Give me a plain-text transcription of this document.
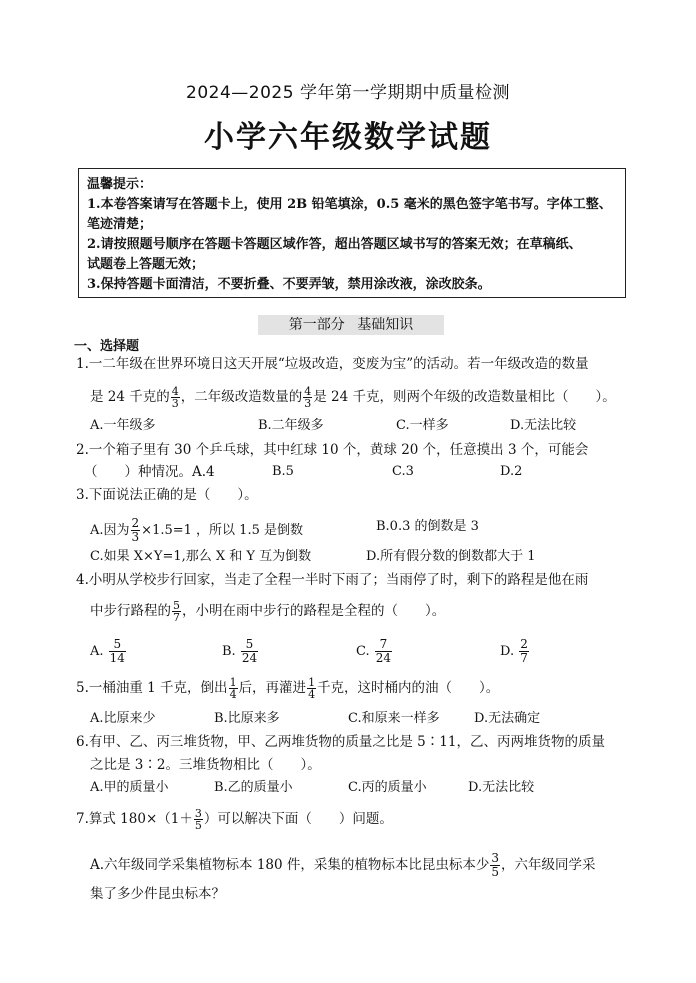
2024—2025 学年第一学期期中质量检测
小学六年级数学试题
温馨提示：
1.本卷答案请写在答题卡上，使用 2B 铅笔填涂，0.5 毫米的黑色签字笔书写。字体工整、
笔迹清楚；
2.请按照题号顺序在答题卡答题区域作答，超出答题区域书写的答案无效；在草稿纸、
试题卷上答题无效；
3.保持答题卡面清洁，不要折叠、不要弄皱，禁用涂改液，涂改胶条。
第一部分 基础知识
一、选择题
1.一二年级在世界环境日这天开展“垃圾改造，变废为宝”的活动。若一年级改造的数量
是 24 千克的 $\frac{4}{3}$ ，二年级改造数量的 $\frac{4}{3}$ 是 24 千克，则两个年级的改造数量相比（　　）。
A.一年级多	B.二年级多	C.一样多	D.无法比较
2.一个箱子里有 30 个乒乓球，其中红球 10 个，黄球 20 个，任意摸出 3 个，可能会
（　　）种情况。A.4	B.5	C.3	D.2
3.下面说法正确的是（　　）。
A.因为 $\frac{2}{3} \times 1.5=1$ ，所以 1.5 是倒数	B.0.3 的倒数是 3
C.如果 X×Y=1,那么 X 和 Y 互为倒数	D.所有假分数的倒数都大于 1
4.小明从学校步行回家，当走了全程一半时下雨了；当雨停了时，剩下的路程是他在雨
中步行路程的 $\frac{5}{7}$ ，小明在雨中步行的路程是全程的（　　）。
A. $\frac{5}{14}$	B. $\frac{5}{24}$	C. $\frac{7}{24}$	D. $\frac{2}{7}$
5.一桶油重 1 千克，倒出 $\frac{1}{4}$ 后，再灌进 $\frac{1}{4}$ 千克，这时桶内的油（　　）。
A.比原来少	B.比原来多	C.和原来一样多	D.无法确定
6.有甲、乙、丙三堆货物，甲、乙两堆货物的质量之比是 5∶11，乙、丙两堆货物的质量
之比是 3∶2。三堆货物相比（　　）。
A.甲的质量小	B.乙的质量小	C.丙的质量小	D.无法比较
7.算式 $180\times(1+ \frac{3}{5}$ ）可以解决下面（　　）问题。
A.六年级同学采集植物标本 180 件，采集的植物标本比昆虫标本少 $\frac{3}{5}$ ，六年级同学采
集了多少件昆虫标本？
